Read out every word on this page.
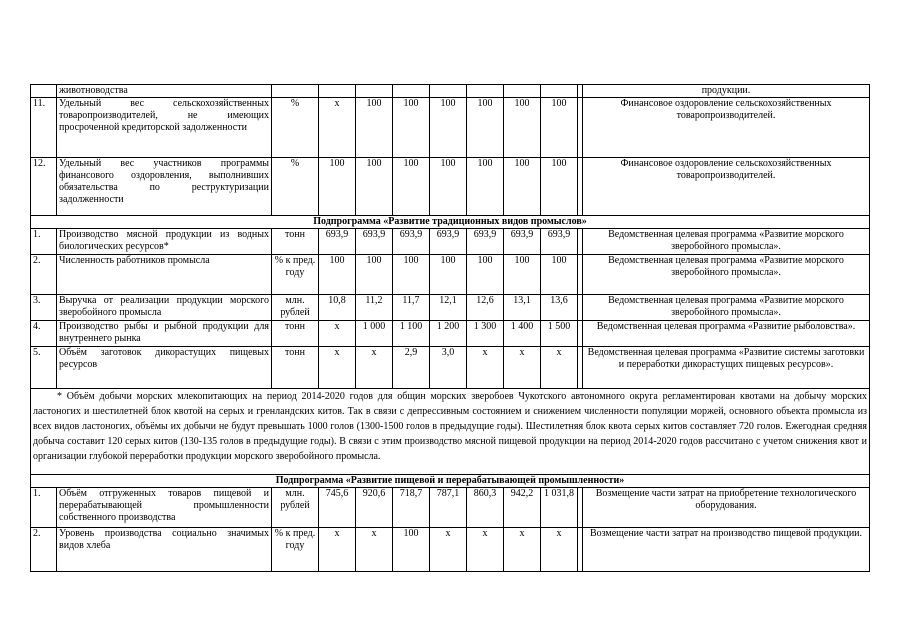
	животноводства										продукции.
11.	Удельный вес сельскохозяйственных товаропроизводителей, не имеющих просроченной кредиторской задолженности	%	х	100	100	100	100	100	100		Финансовое оздоровление сельскохозяйственных товаропроизводителей.
12.	Удельный вес участников программы финансового оздоровления, выполнивших обязательства по реструктуризации задолженности	%	100	100	100	100	100	100	100		Финансовое оздоровление сельскохозяйственных товаропроизводителей.
Подпрограмма «Развитие традиционных видов промыслов»											
1.	Производство мясной продукции из водных биологических ресурсов*	тонн	693,9	693,9	693,9	693,9	693,9	693,9	693,9		Ведомственная целевая программа «Развитие морского зверобойного промысла».
2.	Численность работников промысла	% к пред. году	100	100	100	100	100	100	100		Ведомственная целевая программа «Развитие морского зверобойного промысла».
3.	Выручка от реализации продукции морского зверобойного промысла	млн. рублей	10,8	11,2	11,7	12,1	12,6	13,1	13,6		Ведомственная целевая программа «Развитие морского зверобойного промысла».
4.	Производство рыбы и рыбной продукции для внутреннего рынка	тонн	х	1 000	1 100	1 200	1 300	1 400	1 500		Ведомственная целевая программа «Развитие рыболовства».
5.	Объём заготовок дикорастущих пищевых ресурсов	тонн	х	х	2,9	3,0	х	х	х		Ведомственная целевая программа «Развитие системы заготовки и переработки дикорастущих пищевых ресурсов».
* Объём добычи морских млекопитающих на период 2014-2020 годов для общин морских зверобоев Чукотского автономного округа регламентирован квотами на добычу морских ластоногих и шестилетней блок квотой на серых и гренландских китов. Так в связи с депрессивным состоянием и снижением численности популяции моржей, основного объекта промысла из всех видов ластоногих, объёмы их добычи не будут превышать 1000 голов (1300-1500 голов в предыдущие годы). Шестилетняя блок квота серых китов составляет 720 голов. Ежегодная средняя добыча составит 120 серых китов (130-135 голов в предыдущие годы). В связи с этим производство мясной пищевой продукции на период 2014-2020 годов рассчитано с учетом снижения квот и организации глубокой переработки продукции морского зверобойного промысла.											
Подпрограмма «Развитие пищевой и перерабатывающей промышленности»											
1.	Объём отгруженных товаров пищевой и перерабатывающей промышленности собственного производства	млн. рублей	745,6	920,6	718,7	787,1	860,3	942,2	1 031,8		Возмещение части затрат на приобретение технологического оборудования.
2.	Уровень производства социально значимых видов хлеба	% к пред. году	х	х	100	х	х	х	х		Возмещение части затрат на производство пищевой продукции.
